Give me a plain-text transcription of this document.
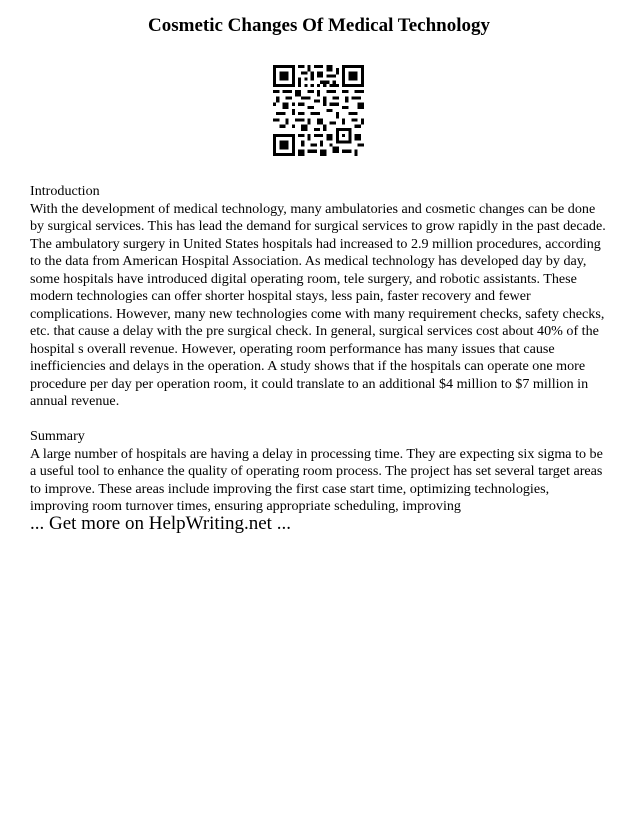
Cosmetic Changes Of Medical Technology
Introduction
With the development of medical technology, many ambulatories and cosmetic changes can be done by surgical services. This has lead the demand for surgical services to grow rapidly in the past decade. The ambulatory surgery in United States hospitals had increased to 2.9 million procedures, according to the data from American Hospital Association. As medical technology has developed day by day, some hospitals have introduced digital operating room, tele surgery, and robotic assistants. These modern technologies can offer shorter hospital stays, less pain, faster recovery and fewer complications. However, many new technologies come with many requirement checks, safety checks, etc. that cause a delay with the pre surgical check. In general, surgical services cost about 40% of the hospital s overall revenue. However, operating room performance has many issues that cause inefficiencies and delays in the operation. A study shows that if the hospitals can operate one more procedure per day per operation room, it could translate to an additional $4 million to $7 million in annual revenue.
Summary
A large number of hospitals are having a delay in processing time. They are expecting six sigma to be a useful tool to enhance the quality of operating room process. The project has set several target areas to improve. These areas include improving the first case start time, optimizing technologies, improving room turnover times, ensuring appropriate scheduling, improving
... Get more on HelpWriting.net ...
